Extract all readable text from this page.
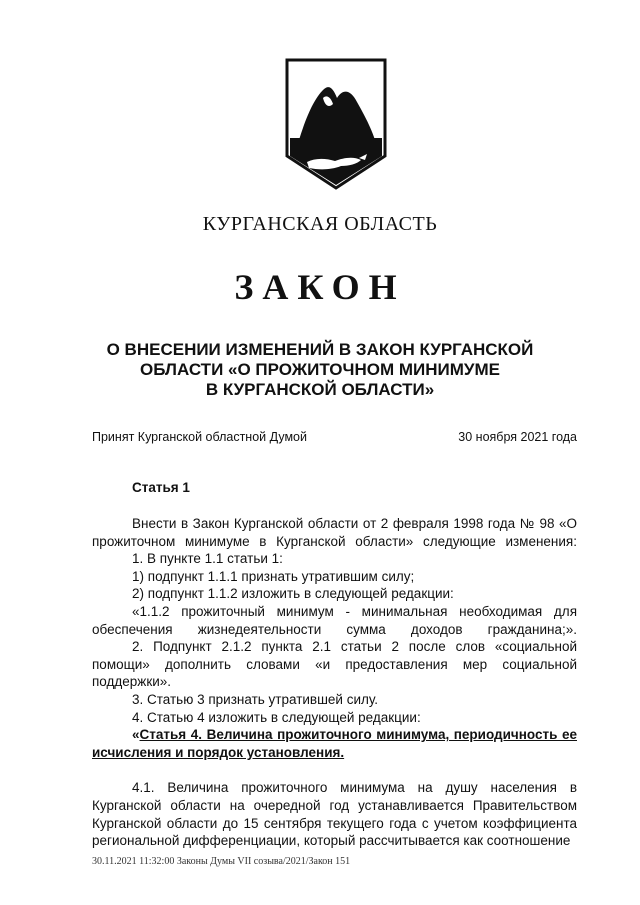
КУРГАНСКАЯ ОБЛАСТЬ
ЗАКОН
О ВНЕСЕНИИ ИЗМЕНЕНИЙ В ЗАКОН КУРГАНСКОЙ
ОБЛАСТИ «О ПРОЖИТОЧНОМ МИНИМУМЕ
В КУРГАНСКОЙ ОБЛАСТИ»
Принят Курганской областной Думой	30 ноября 2021 года
Статья 1

Внести в Закон Курганской области от 2 февраля 1998 года № 98 «О прожиточном минимуме в Курганской области» следующие изменения:

1. В пункте 1.1 статьи 1:

1) подпункт 1.1.1 признать утратившим силу;

2) подпункт 1.1.2 изложить в следующей редакции:

«1.1.2 прожиточный минимум - минимальная необходимая для обеспечения жизнедеятельности сумма доходов гражданина;».

2. Подпункт 2.1.2 пункта 2.1 статьи 2 после слов «социальной помощи» дополнить словами «и предоставления мер социальной поддержки».

3. Статью 3 признать утратившей силу.

4. Статью 4 изложить в следующей редакции:

«Статья 4. Величина прожиточного минимума, периодичность ее исчисления и порядок установления.

4.1. Величина прожиточного минимума на душу населения в Курганской области на очередной год устанавливается Правительством Курганской области до 15 сентября текущего года с учетом коэффициента региональной дифференциации, который рассчитывается как соотношение

30.11.2021 11:32:00 Законы Думы VII созыва/2021/Закон 151
